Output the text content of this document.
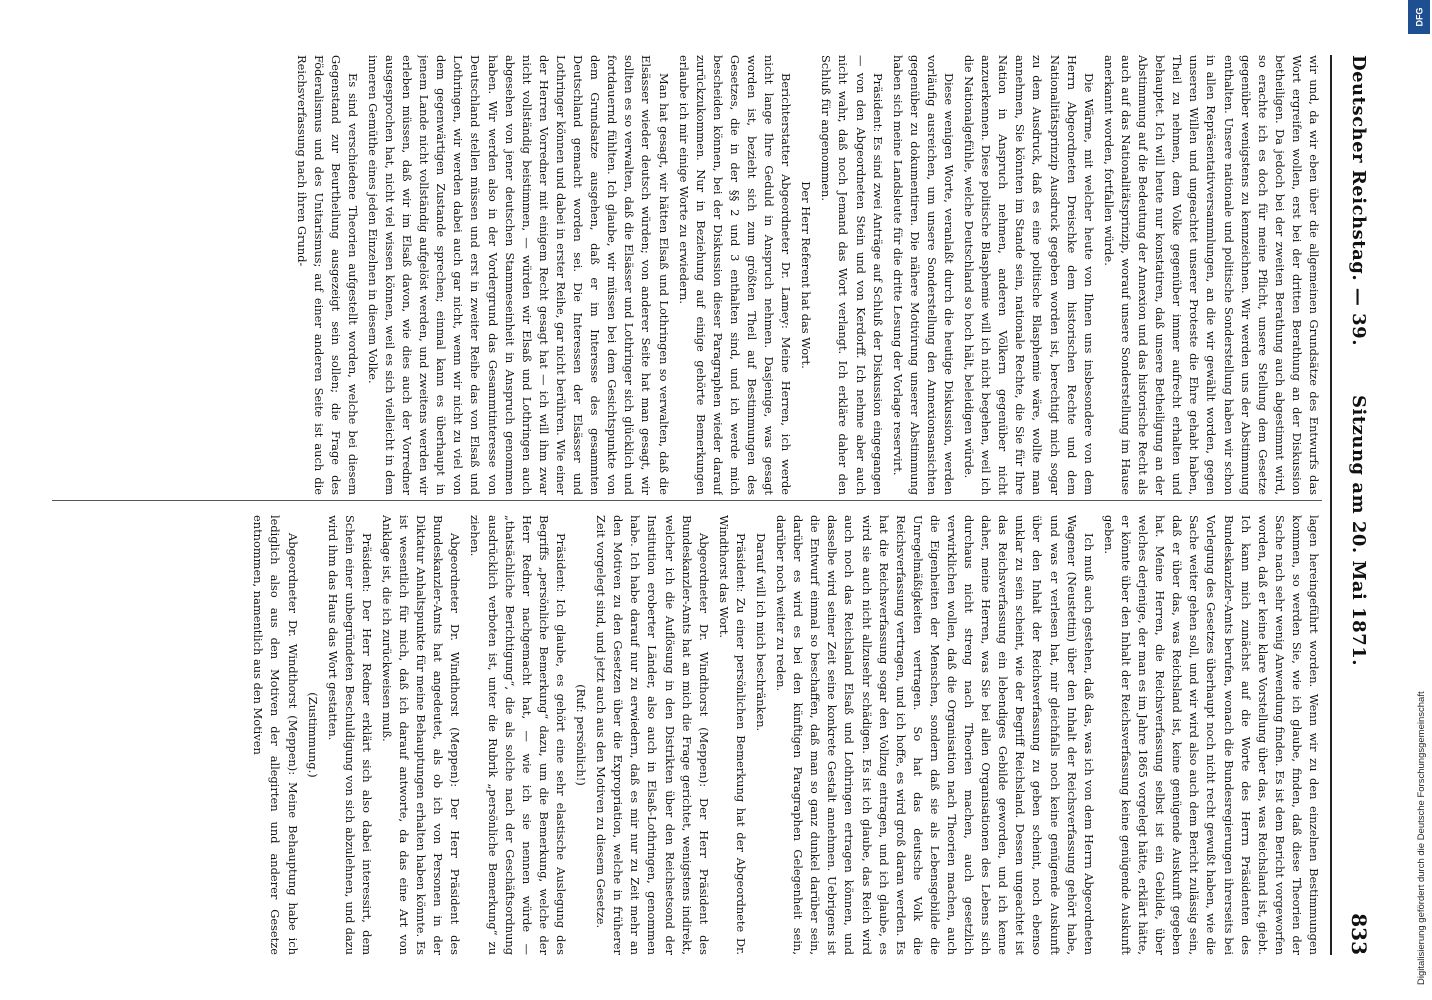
Deutscher Reichstag. — 39.
Sitzung am 20. Mai 1871.
833

wir und, da wir eben über die allgemeinen Grundsätze des Entwurfs das Wort ergreifen wollen, erst bei der dritten Berathung an der Diskussion betheiligen. Da jedoch bei der zweiten Berathung auch abgestimmt wird, so erachte ich es doch für meine Pflicht, unsere Stellung dem Gesetze gegenüber wenigstens zu kennzeichnen. Wir werden uns der Abstimmung enthalten. Unsere nationale und politische Sonderstellung haben wir schon in allen Repräsentativversammlungen, an die wir gewählt worden, gegen unseren Willen und ungeachtet unserer Proteste die Ehre gehabt haben, Theil zu nehmen, dem Volke gegenüber immer aufrecht erhalten und behauptet. Ich will heute nur konstatiren, daß unsere Betheiligung an der Abstimmung auf die Bedeutung der Annexion und das historische Recht als auch auf das Nationalitätsprinzip, worauf unsere Sonderstellung im Hause anerkannt worden, fortfallen würde.

Die Wärme, mit welcher heute von Ihnen uns insbesondere von dem Herrn Abgeordneten Dreischke dem historischen Rechte und dem Nationalitätsprinzip Ausdruck gegeben worden ist, berechtigt mich sogar zu dem Ausdruck, daß es eine politische Blasphemie wäre, wollte man annehmen, Sie könnten im Stande sein, nationale Rechte, die Sie für Ihre Nation in Anspruch nehmen, anderen Völkern gegenüber nicht anzuerkennen. Diese politische Blasphemie will ich nicht begehen, weil ich die Nationalgefühle, welche Deutschland so hoch hält, beleidigen würde.

Diese wenigen Worte, veranlaßt durch die heutige Diskussion, werden vorläufig ausreichen, um unsere Sonderstellung den Annexionsansichten gegenüber zu dokumentiren. Die nähere Motivirung unserer Abstimmung haben sich meine Landsleute für die dritte Lesung der Vorlage reservirt.

Präsident: Es sind zwei Anträge auf Schluß der Diskussion eingegangen — von den Abgeordneten Stein und von Kerdorff. Ich nehme aber auch nicht wahr, daß noch Jemand das Wort verlangt. Ich erkläre daher den Schluß für angenommen.

Der Herr Referent hat das Wort.

Berichterstatter Abgeordneter Dr. Lamey: Meine Herren, ich werde nicht lange Ihre Geduld in Anspruch nehmen. Dasjenige, was gesagt worden ist, bezieht sich zum größten Theil auf Bestimmungen des Gesetzes, die in der §§ 2 und 3 enthalten sind, und ich werde mich bescheiden können, bei der Diskussion dieser Paragraphen wieder darauf zurückzukommen. Nur in Beziehung auf einige gehörte Bemerkungen erlaube ich mir einige Worte zu erwiedern.

Man hat gesagt, wir hätten Elsaß und Lothringen so verwalten, daß die Elsässer wieder deutsch würden; von anderer Seite hat man gesagt, wir sollten es so verwalten, daß die Elsässer und Lothringer sich glücklich und fortdauernd fühlten. Ich glaube, wir müssen bei dem Gesichtspunkte von dem Grundsatze ausgehen, daß er im Interesse des gesammten Deutschland gemacht worden sei. Die Interessen der Elsässer und Lothringer können und dabei in erster Reihe, gar nicht berühren. Wie einer der Herren Vorredner mit einigem Recht gesagt hat — ich will ihm zwar nicht vollständig beistimmen, — würden wir Elsaß und Lothringen auch abgesehen von jener deutschen Stammeseinheit in Anspruch genommen haben. Wir werden also in der Vordergrund das Gesammtinteresse von Deutschland stellen müssen und erst in zweiter Reihe das von Elsaß und Lothringen, wir werden dabei auch gar nicht, wenn wir nicht zu viel von dem gegenwärtigen Zustande sprechen; einmal kann es überhaupt in jenem Lande nicht vollständig aufgelöst werden, und zweitens werden wir erleben müssen, daß wir im Elsaß davon, wie dies auch der Vorredner ausgesprochen hat, nicht viel wissen können, weil es sich vielleicht in dem inneren Gemüthe eines jeden Einzelnen in diesem Volke.

Es sind verschiedene Theorien aufgestellt worden, welche bei diesem Gegenstand zur Beurtheilung ausgezeigt sein sollen; die Frage des Föderalismus und des Unitarismus; auf einer anderen Seite ist auch die Reichsverfassung nach ihren Grund-

lagen hereingeführt worden. Wenn wir zu den einzelnen Bestimmungen kommen, so werden Sie, wie ich glaube, finden, daß diese Theorien der Sache nach sehr wenig Anwendung finden. Es ist dem Bericht vorgeworfen worden, daß er keine klare Vorstellung über das, was Reichsland ist, giebt. Ich kann mich zunächst auf die Worte des Herrn Präsidenten des Bundeskanzler-Amts berufen, wonach die Bundesregierungen ihrerseits bei Vorlegung des Gesetzes überhaupt noch nicht recht gewußt haben, wie die Sache weiter gehen soll, und wir wird also auch dem Bericht zulässig sein, daß er über das, was Reichsland ist, keine genügende Auskunft gegeben hat. Meine Herren, die Reichsverfassung selbst ist ein Gebilde, über welches derjenige, der man es im Jahre 1865 vorgelegt hätte, erklärt hätte, er könnte über den Inhalt der Reichsverfassung keine genügende Auskunft geben.

Ich muß auch gestehen, daß das, was ich von dem Herrn Abgeordneten Wagener (Neustettin) über den Inhalt der Reichsverfassung gehört habe, und was er verlesen hat, mir gleichfalls noch keine genügende Auskunft über den Inhalt der Reichsverfassung zu geben scheint, noch ebenso unklar zu sein scheint, wie der Begriff Reichsland. Dessen ungeachtet ist das Reichsverfassung ein lebendiges Gebilde geworden, und ich kenne daher, meine Herren, was Sie bei allen Organisationen des Lebens sich durchaus nicht streng nach Theorien machen, auch gesetzlich verwirklichen wollen, daß die Organisation nach Theorien machen, auch die Eigenheiten der Menschen, sondern daß sie als Lebensgebilde die Unregelmäßigkeiten vertragen. So hat das deutsche Volk die Reichsverfassung vertragen, und ich hoffe, es wird groß daran werden. Es hat die Reichsverfassung sogar den Vollzug entragen, und ich glaube, es wird sie auch nicht allzusehr schädigen. Es ist ich glaube, das Reich wird auch noch das Reichsland Elsaß und Lothringen ertragen können, und dasselbe wird seiner Zeit seine konkrete Gestalt annehmen. Uebrigens ist die Entwurf einmal so beschaffen, daß man so ganz dunkel darüber sein, darüber es wird es bei den künftigen Paragraphen Gelegenheit sein, darüber noch weiter zu reden.

Darauf will ich mich beschränken.

Präsident: Zu einer persönlichen Bemerkung hat der Abgeordnete Dr. Windthorst das Wort.

Abgeordneter Dr. Windthorst (Meppen): Der Herr Präsident des Bundeskanzler-Amts hat an mich die Frage gerichtet, wenigstens indirekt, welcher ich die Auflösung in den Distrikten über den Reichsetsond der Institution eroberter Länder, also auch in Elsaß-Lothringen, genommen habe. Ich habe darauf nur zu erwiedern, daß es mir nur zu Zeit mehr an den Motiven zu den Gesetzen über die Expropriation, welche in früherer Zeit vorgelegt sind, und jetzt auch aus den Motiven zu diesem Gesetze.

(Ruf: persönlich!)

Präsident: Ich glaube, es gehört eine sehr elastische Auslegung des Begriffs „persönliche Bemerkung“ dazu, um die Bemerkung, welche der Herr Redner nachgemacht hat, — wie ich sie nennen würde — „thatsächliche Berichtigung“, die als solche nach der Geschäftsordnung ausdrücklich verboten ist, unter die Rubrik „persönliche Bemerkung“ zu ziehen.

Abgeordneter Dr. Windthorst (Meppen): Der Herr Präsident des Bundeskanzler-Amts hat angedeutet, als ob ich von Personen in der Diktatur Anhaltspunkte für meine Behauptungen erhalten haben könnte. Es ist wesentlich für mich, daß ich darauf antworte, da das eine Art von Anklage ist, die ich zurückweisen muß.

Präsident: Der Herr Redner erklärt sich also dabei interessirt, dem Schein einer unbegründeten Beschuldigung von sich abzulehnen, und dazu wird ihm das Haus das Wort gestatten.

(Zustimmung.)

Abgeordneter Dr. Windthorst (Meppen): Meine Behauptung habe ich lediglich also aus den Motiven der allegirten und anderer Gesetze entnommen, namentlich aus den Motiven

Digitalisierung gefördert durch die Deutsche Forschungsgemeinschaft
DFG
